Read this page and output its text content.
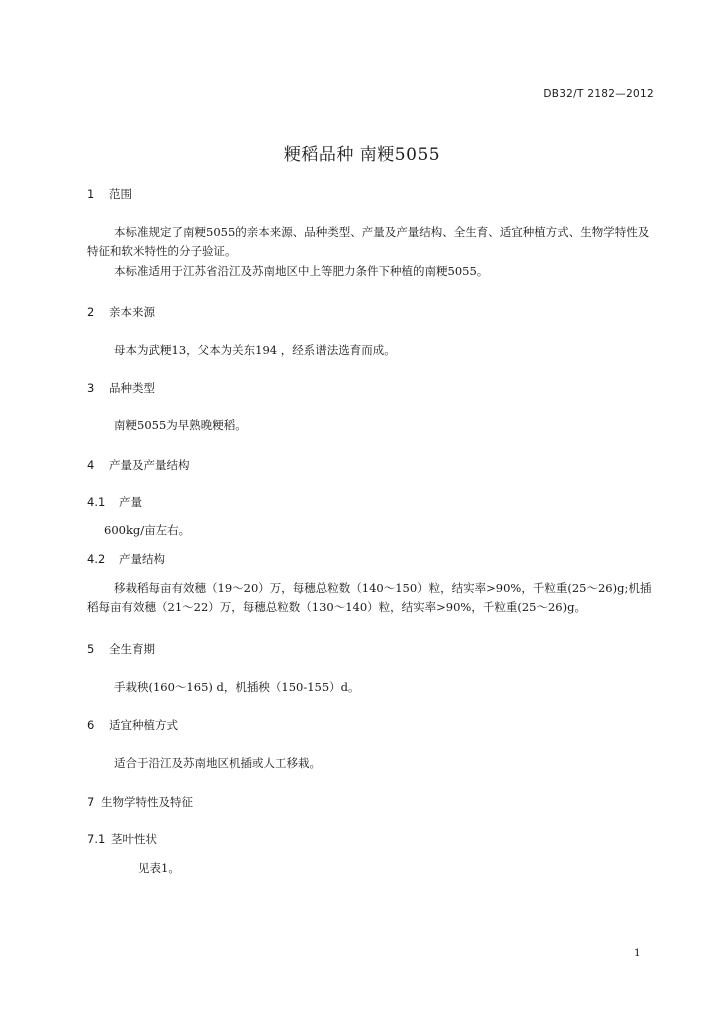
DB32/T 2182—2012
粳稻品种 南粳5055
1 范围

本标准规定了南粳5055的亲本来源、品种类型、产量及产量结构、全生育、适宜种植方式、生物学特性及特征和软米特性的分子验证。

本标准适用于江苏省沿江及苏南地区中上等肥力条件下种植的南粳5055。

2 亲本来源

母本为武粳13，父本为关东194 ，经系谱法选育而成。

3 品种类型

南粳5055为早熟晚粳稻。

4 产量及产量结构
4.1 产量

600kg/亩左右。

4.2 产量结构

移栽稻每亩有效穗（19～20）万，每穗总粒数（140～150）粒，结实率>90%，千粒重(25～26)g;机插稻每亩有效穗（21～22）万，每穗总粒数（130～140）粒，结实率>90%，千粒重(25～26)g。

5 全生育期

手栽秧(160～165) d，机插秧（150-155）d。

6 适宜种植方式

适合于沿江及苏南地区机插或人工移栽。

7 生物学特性及特征
7.1 茎叶性状

见表1。

1
